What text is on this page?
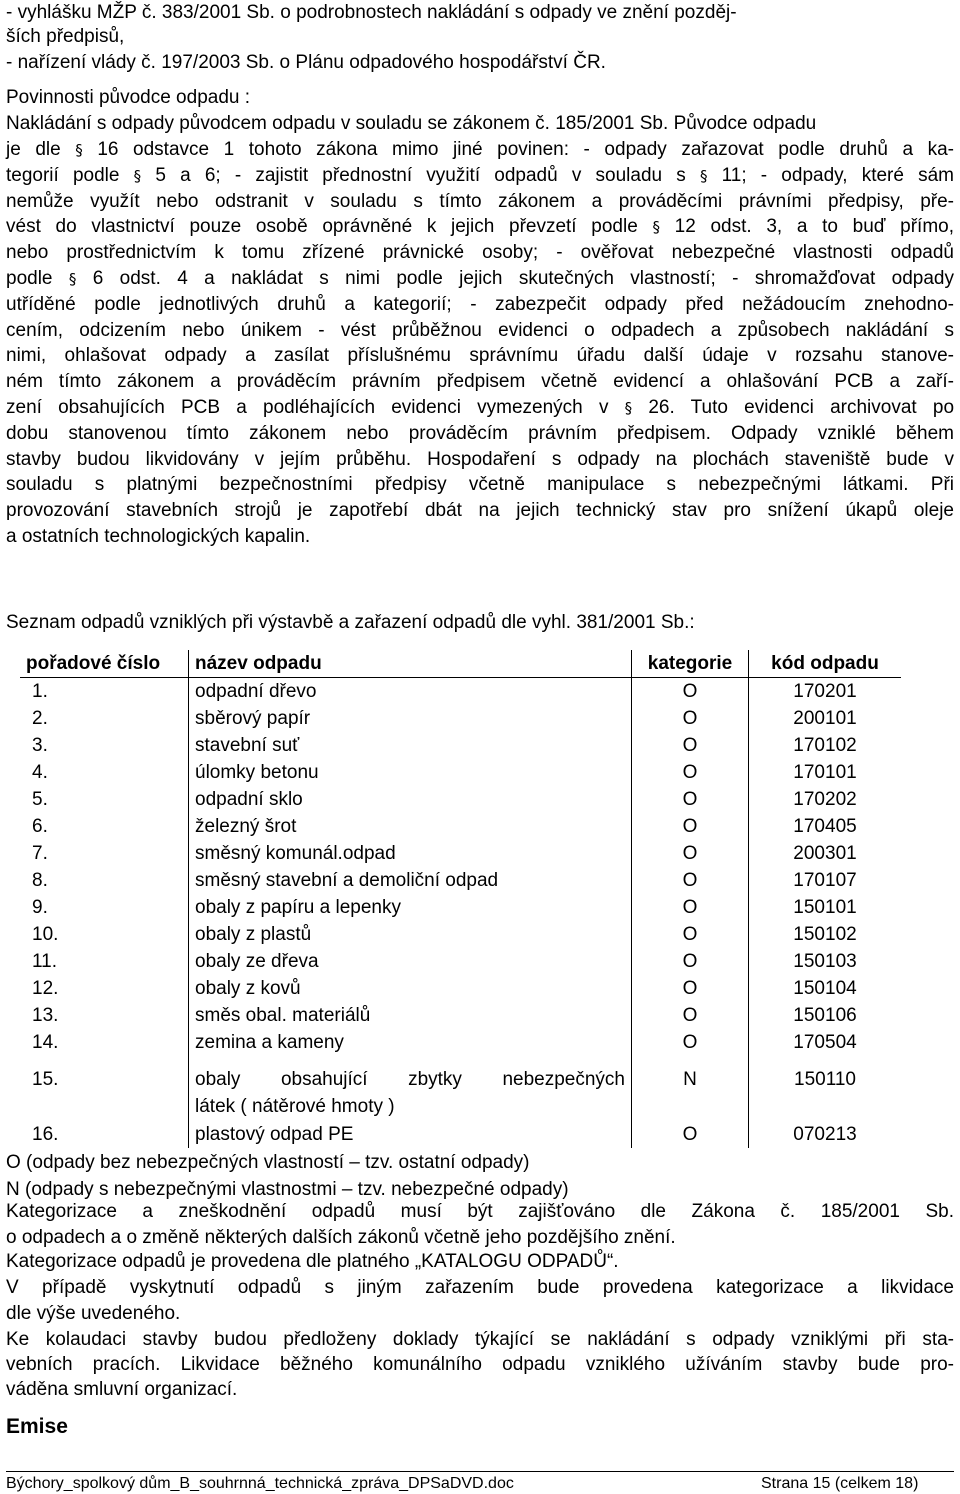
- vyhlášku MŽP č. 383/2001 Sb. o podrobnostech nakládání s odpady ve znění pozděj-
ších předpisů,
- nařízení vlády č. 197/2003 Sb. o Plánu odpadového hospodářství ČR.
Povinnosti původce odpadu :
Nakládání s odpady původcem odpadu v souladu se zákonem č. 185/2001 Sb. Původce odpadu
je dle § 16 odstavce 1 tohoto zákona mimo jiné povinen: - odpady zařazovat podle druhů a ka-
tegorií podle § 5 a 6; - zajistit přednostní využití odpadů v souladu s § 11; - odpady, které sám
nemůže využít nebo odstranit v souladu s tímto zákonem a prováděcími právními předpisy, pře-
vést do vlastnictví pouze osobě oprávněné k jejich převzetí podle § 12 odst. 3, a to buď přímo,
nebo prostřednictvím k tomu zřízené právnické osoby; - ověřovat nebezpečné vlastnosti odpadů
podle § 6 odst. 4 a nakládat s nimi podle jejich skutečných vlastností; - shromažďovat odpady
utříděné podle jednotlivých druhů a kategorií; - zabezpečit odpady před nežádoucím znehodno-
cením, odcizením nebo únikem - vést průběžnou evidenci o odpadech a způsobech nakládání s
nimi, ohlašovat odpady a zasílat příslušnému správnímu úřadu další údaje v rozsahu stanove-
ném tímto zákonem a prováděcím právním předpisem včetně evidencí a ohlašování PCB a zaří-
zení obsahujících PCB a podléhajících evidenci vymezených v § 26. Tuto evidenci archivovat po
dobu stanovenou tímto zákonem nebo prováděcím právním předpisem. Odpady vzniklé během
stavby budou likvidovány v jejím průběhu. Hospodaření s odpady na plochách staveniště bude v
souladu s platnými bezpečnostními předpisy včetně manipulace s nebezpečnými látkami. Při
provozování stavebních strojů je zapotřebí dbát na jejich technický stav pro snížení úkapů oleje
a ostatních technologických kapalin.
Seznam odpadů vzniklých při výstavbě a zařazení odpadů dle vyhl. 381/2001 Sb.:
pořadové číslo	název odpadu	kategorie	kód odpadu
1.	odpadní dřevo	O	170201
2.	sběrový papír	O	200101
3.	stavební suť	O	170102
4.	úlomky betonu	O	170101
5.	odpadní sklo	O	170202
6.	železný šrot	O	170405
7.	směsný komunál.odpad	O	200301
8.	směsný stavební a demoliční odpad	O	170107
9.	obaly z papíru a lepenky	O	150101
10.	obaly z plastů	O	150102
11.	obaly ze dřeva	O	150103
12.	obaly z kovů	O	150104
13.	směs obal. materiálů	O	150106
14.	zemina a kameny	O	170504
15.	obaly obsahující zbytky nebezpečných
látek ( nátěrové hmoty )	N	150110
16.	plastový odpad PE	O	070213
O (odpady bez nebezpečných vlastností – tzv. ostatní odpady)
N (odpady s nebezpečnými vlastnostmi – tzv. nebezpečné odpady)
Kategorizace a zneškodnění odpadů musí být zajišťováno dle Zákona č. 185/2001 Sb.
o odpadech a o změně některých dalších zákonů včetně jeho pozdějšího znění.
Kategorizace odpadů je provedena dle platného „KATALOGU ODPADŮ“.
V případě vyskytnutí odpadů s jiným zařazením bude provedena kategorizace a likvidace
dle výše uvedeného.
Ke kolaudaci stavby budou předloženy doklady týkající se nakládání s odpady vzniklými při sta-
vebních pracích. Likvidace běžného komunálního odpadu vzniklého užíváním stavby bude pro-
váděna smluvní organizací.
Emise
Býchory_spolkový dům_B_souhrnná_technická_zpráva_DPSaDVD.doc	Strana 15 (celkem 18)
